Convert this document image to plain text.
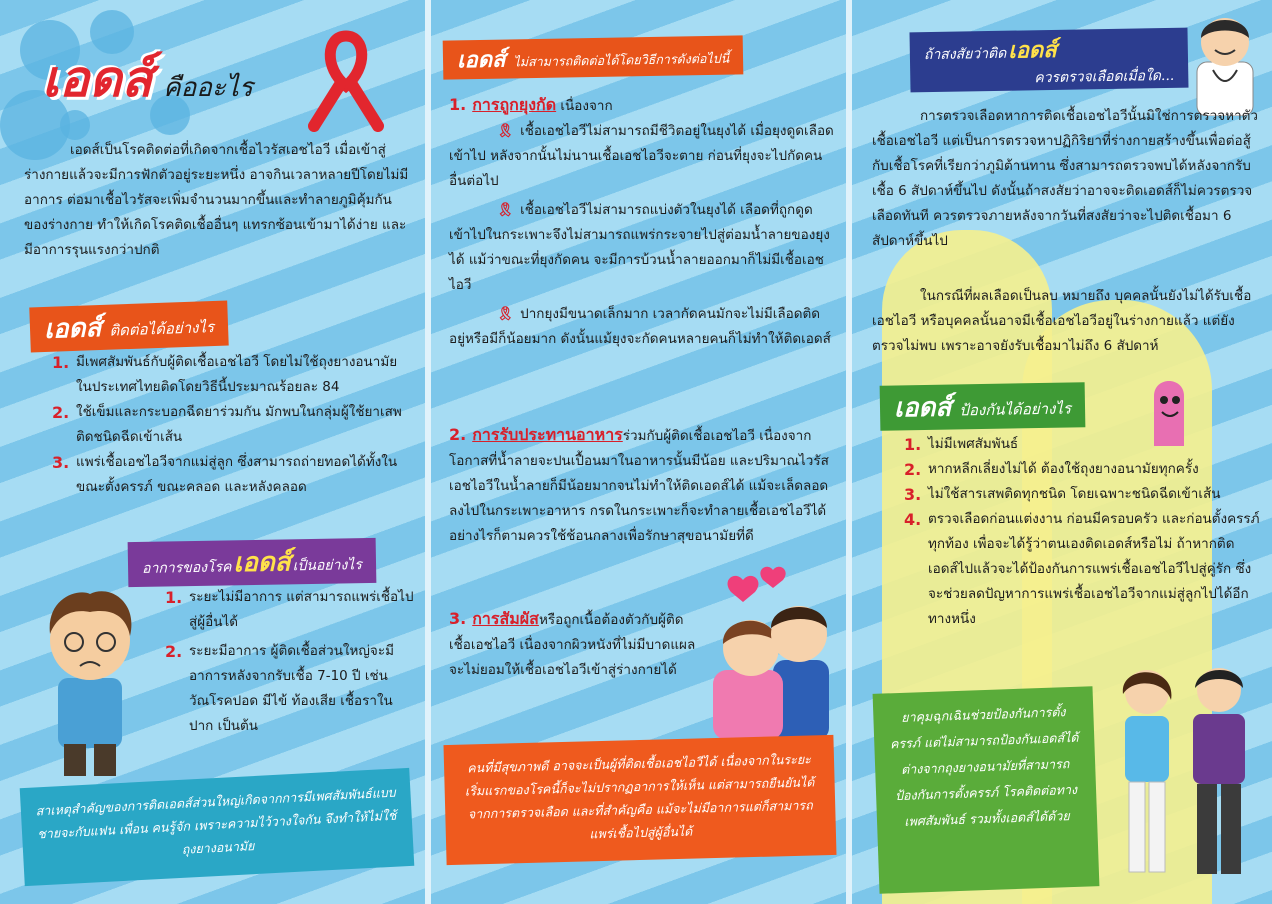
เอดส์ คืออะไร
เอดส์เป็นโรคติดต่อที่เกิดจากเชื้อไวรัสเอชไอวี เมื่อเข้าสู่ร่างกายแล้วจะมีการฟักตัวอยู่ระยะหนึ่ง อาจกินเวลาหลายปีโดยไม่มีอาการ ต่อมาเชื้อไวรัสจะเพิ่มจำนวนมากขึ้นและทำลายภูมิคุ้มกันของร่างกาย ทำให้เกิดโรคติดเชื้ออื่นๆ แทรกซ้อนเข้ามาได้ง่าย และมีอาการรุนแรงกว่าปกติ
เอดส์ ติดต่อได้อย่างไร
1. มีเพศสัมพันธ์กับผู้ติดเชื้อเอชไอวี โดยไม่ใช้ถุงยางอนามัย ในประเทศไทยติดโดยวิธีนี้ประมาณร้อยละ 84
2. ใช้เข็มและกระบอกฉีดยาร่วมกัน มักพบในกลุ่มผู้ใช้ยาเสพติดชนิดฉีดเข้าเส้น
3. แพร่เชื้อเอชไอวีจากแม่สู่ลูก ซึ่งสามารถถ่ายทอดได้ทั้งในขณะตั้งครรภ์ ขณะคลอด และหลังคลอด
อาการของโรคเอดส์ เป็นอย่างไร
1. ระยะไม่มีอาการ แต่สามารถแพร่เชื้อไปสู่ผู้อื่นได้
2. ระยะมีอาการ ผู้ติดเชื้อส่วนใหญ่จะมีอาการหลังจากรับเชื้อ 7-10 ปี เช่น วัณโรคปอด มีไข้ ท้องเสีย เชื้อราในปาก เป็นต้น
สาเหตุสำคัญของการติดเอดส์ส่วนใหญ่เกิดจากการมีเพศสัมพันธ์แบบชายจะกับแฟน เพื่อน คนรู้จัก เพราะความไว้วางใจกัน จึงทำให้ไม่ใช้ถุงยางอนามัย
เอดส์ ไม่สามารถติดต่อได้โดยวิธีการดังต่อไปนี้
1. การถูกยุงกัด เนื่องจาก
🎗 เชื้อเอชไอวีไม่สามารถมีชีวิตอยู่ในยุงได้ เมื่อยุงดูดเลือดเข้าไป หลังจากนั้นไม่นานเชื้อเอชไอวีจะตาย ก่อนที่ยุงจะไปกัดคนอื่นต่อไป
🎗 เชื้อเอชไอวีไม่สามารถแบ่งตัวในยุงได้ เลือดที่ถูกดูดเข้าไปในกระเพาะจึงไม่สามารถแพร่กระจายไปสู่ต่อมน้ำลายของยุงได้ แม้ว่าขณะที่ยุงกัดคน จะมีการบ้วนน้ำลายออกมาก็ไม่มีเชื้อเอชไอวี
🎗 ปากยุงมีขนาดเล็กมาก เวลากัดคนมักจะไม่มีเลือดติดอยู่หรือมีก็น้อยมาก ดังนั้นแม้ยุงจะกัดคนหลายคนก็ไม่ทำให้ติดเอดส์
2. การรับประทานอาหารร่วมกับผู้ติดเชื้อเอชไอวี เนื่องจากโอกาสที่น้ำลายจะปนเปื้อนมาในอาหารนั้นมีน้อย และปริมาณไวรัสเอชไอวีในน้ำลายก็มีน้อยมากจนไม่ทำให้ติดเอดส์ได้ แม้จะเล็ดลอดลงไปในกระเพาะอาหาร กรดในกระเพาะก็จะทำลายเชื้อเอชไอวีได้ อย่างไรก็ตามควรใช้ช้อนกลางเพื่อรักษาสุขอนามัยที่ดี
3. การสัมผัสหรือถูกเนื้อต้องตัวกับผู้ติดเชื้อเอชไอวี เนื่องจากผิวหนังที่ไม่มีบาดแผลจะไม่ยอมให้เชื้อเอชไอวีเข้าสู่ร่างกายได้
คนที่มีสุขภาพดี อาจจะเป็นผู้ที่ติดเชื้อเอชไอวีได้ เนื่องจากในระยะเริ่มแรกของโรคนี้ก็จะไม่ปรากฏอาการให้เห็น แต่สามารถยืนยันได้จากการตรวจเลือด และที่สำคัญคือ แม้จะไม่มีอาการแต่ก็สามารถแพร่เชื้อไปสู่ผู้อื่นได้
ถ้าสงสัยว่าติดเอดส์
ควรตรวจเลือดเมื่อใด...
การตรวจเลือดหาการติดเชื้อเอชไอวีนั้นมิใช่การตรวจหาตัวเชื้อเอชไอวี แต่เป็นการตรวจหาปฏิกิริยาที่ร่างกายสร้างขึ้นเพื่อต่อสู้กับเชื้อโรคที่เรียกว่าภูมิต้านทาน ซึ่งสามารถตรวจพบได้หลังจากรับเชื้อ 6 สัปดาห์ขึ้นไป ดังนั้นถ้าสงสัยว่าอาจจะติดเอดส์ก็ไม่ควรตรวจเลือดทันที ควรตรวจภายหลังจากวันที่สงสัยว่าจะไปติดเชื้อมา 6 สัปดาห์ขึ้นไป
ในกรณีที่ผลเลือดเป็นลบ หมายถึง บุคคลนั้นยังไม่ได้รับเชื้อเอชไอวี หรือบุคคลนั้นอาจมีเชื้อเอชไอวีอยู่ในร่างกายแล้ว แต่ยังตรวจไม่พบ เพราะอาจยังรับเชื้อมาไม่ถึง 6 สัปดาห์
เอดส์ ป้องกันได้อย่างไร
1. ไม่มีเพศสัมพันธ์
2. หากหลีกเลี่ยงไม่ได้ ต้องใช้ถุงยางอนามัยทุกครั้ง
3. ไม่ใช้สารเสพติดทุกชนิด โดยเฉพาะชนิดฉีดเข้าเส้น
4. ตรวจเลือดก่อนแต่งงาน ก่อนมีครอบครัว และก่อนตั้งครรภ์ทุกท้อง เพื่อจะได้รู้ว่าตนเองติดเอดส์หรือไม่ ถ้าหากติดเอดส์ไปแล้วจะได้ป้องกันการแพร่เชื้อเอชไอวีไปสู่คู่รัก ซึ่งจะช่วยลดปัญหาการแพร่เชื้อเอชไอวีจากแม่สู่ลูกไปได้อีกทางหนึ่ง
ยาคุมฉุกเฉินช่วยป้องกันการตั้งครรภ์ แต่ไม่สามารถป้องกันเอดส์ได้ ต่างจากถุงยางอนามัยที่สามารถป้องกันการตั้งครรภ์ โรคติดต่อทางเพศสัมพันธ์ รวมทั้งเอดส์ได้ด้วย
